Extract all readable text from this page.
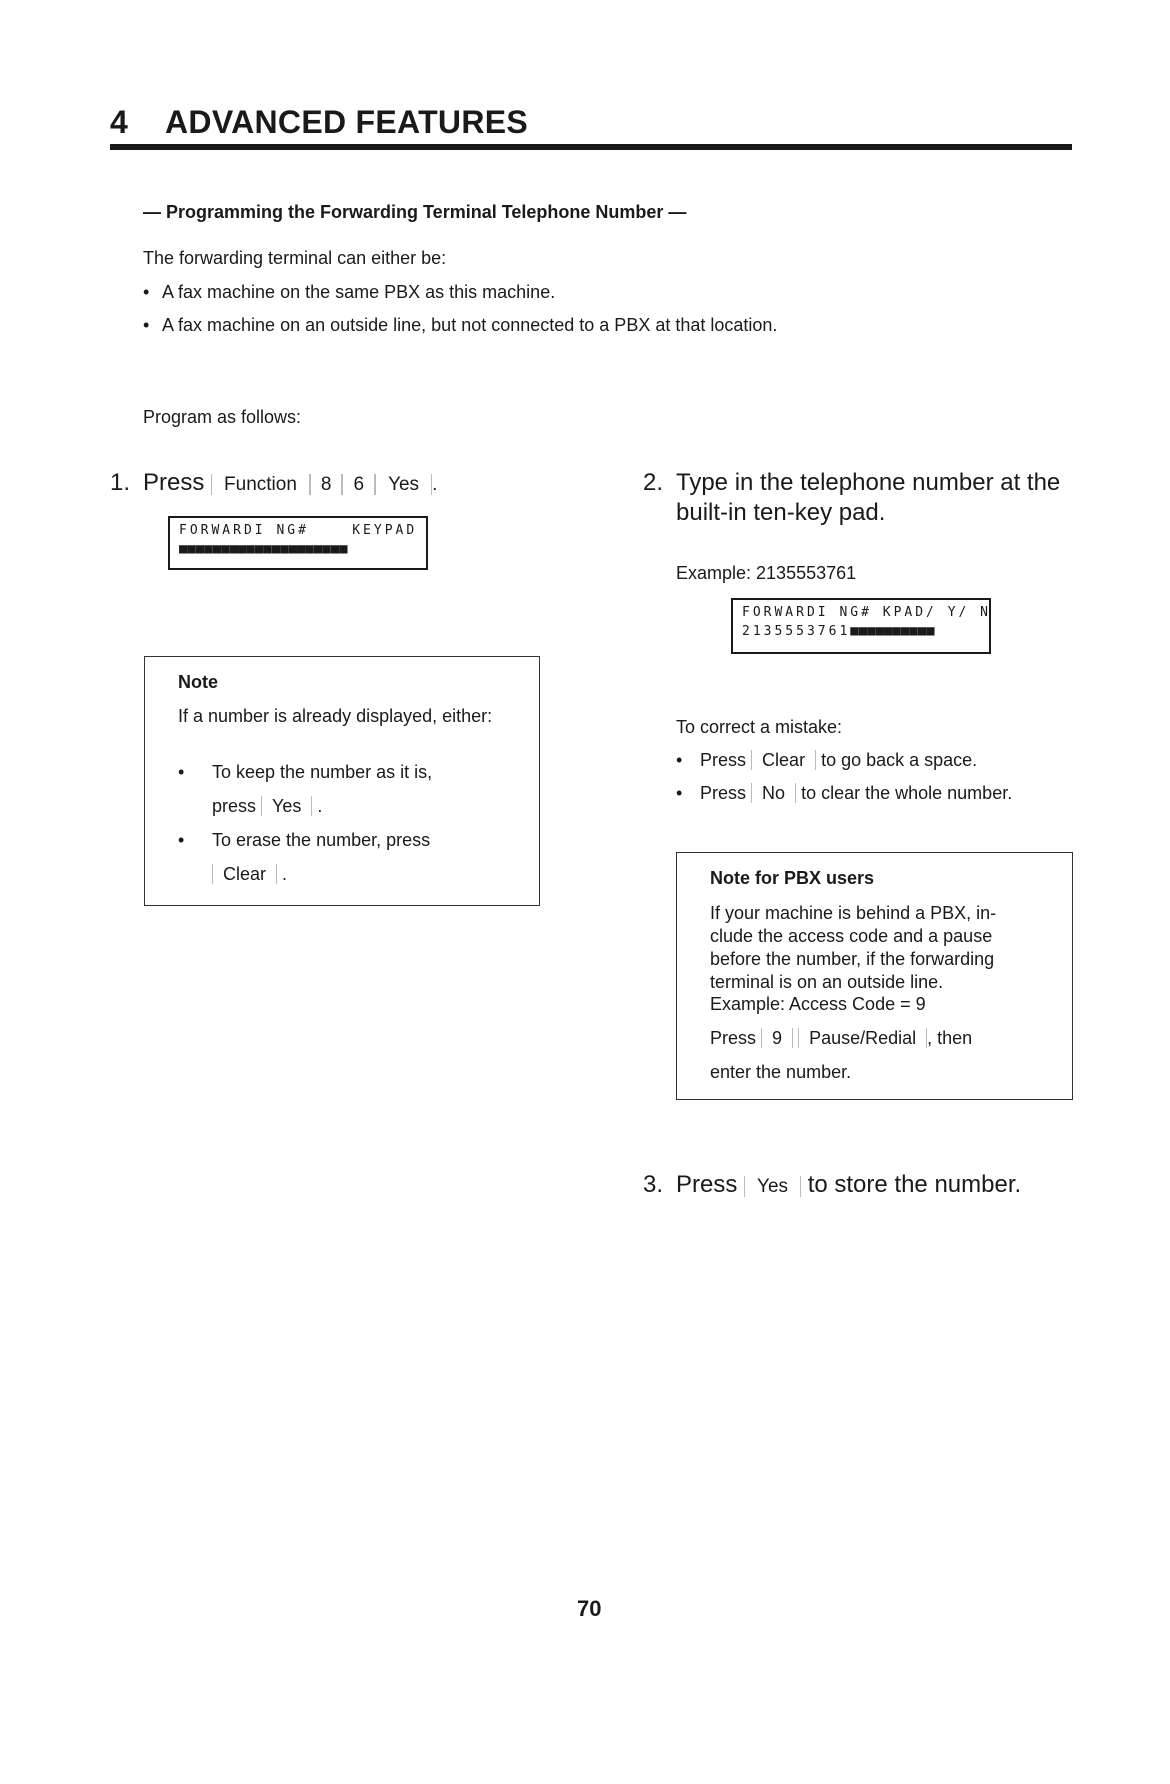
4 ADVANCED FEATURES
— Programming the Forwarding Terminal Telephone Number —
The forwarding terminal can either be:
• A fax machine on the same PBX as this machine.
• A fax machine on an outside line, but not connected to a PBX at that location.
Program as follows:
1. Press Function 8 6 Yes .
FORWARDI NG#    KEYPAD
■■■■■■■■■■■■■■■■■■■■
Note
If a number is already displayed, either:
• To keep the number as it is,
press Yes .
• To erase the number, press
Clear .
2. Type in the telephone number at the
built-in ten-key pad.
Example: 2135553761
FORWARDI NG# KPAD/ Y/ N
2135553761■■■■■■■■■■
To correct a mistake:
• Press Clear to go back a space.
• Press No to clear the whole number.
Note for PBX users
If your machine is behind a PBX, in-
clude the access code and a pause
before the number, if the forwarding
terminal is on an outside line.
Example: Access Code = 9
Press 9 Pause/Redial , then
enter the number.
3. Press Yes to store the number.
70
